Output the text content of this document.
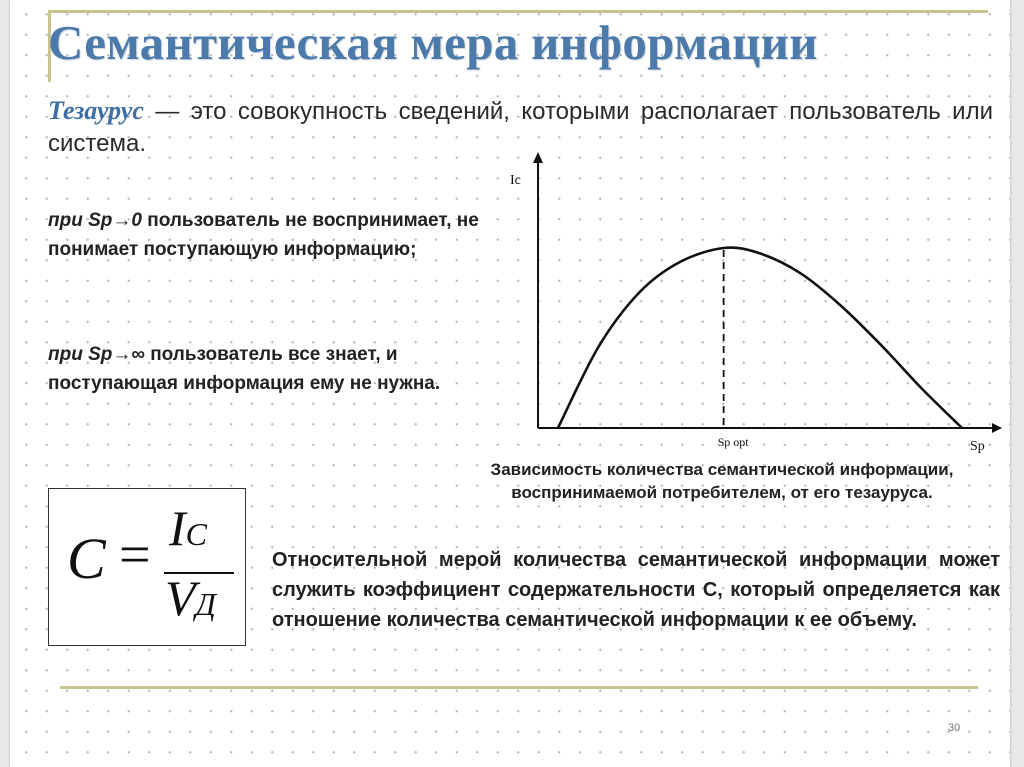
Семантическая мера информации
Тезаурус — это совокупность сведений, которыми располагает пользователь или система.
при Sp→0 пользователь не воспринимает, не понимает поступающую информацию;
при Sp→∞ пользователь все знает, и поступающая информация ему не нужна.
Ic
Sp
Sp opt
Зависимость количества семантической информации, воспринимаемой потребителем, от его тезауруса.
C = IC
VД
Относительной мерой количества семантической информации может служить коэффициент содержательности С, который определяется как отношение количества семантической информации к ее объему.
30
